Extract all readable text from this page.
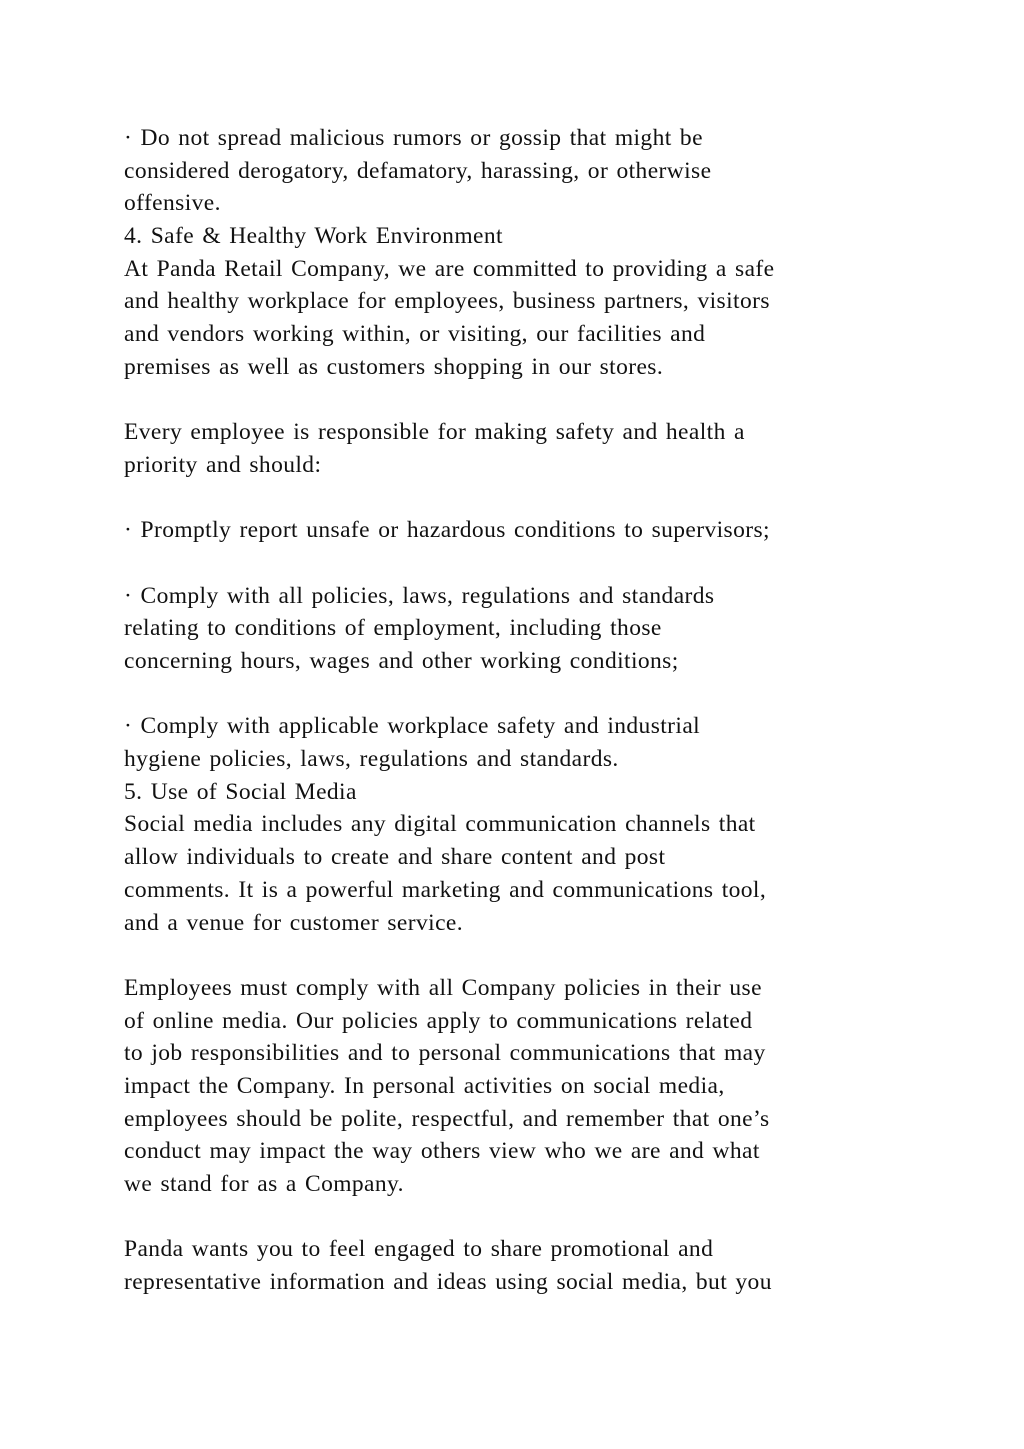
· Do not spread malicious rumors or gossip that might be
considered derogatory, defamatory, harassing, or otherwise
offensive.
4. Safe & Healthy Work Environment
At Panda Retail Company, we are committed to providing a safe
and healthy workplace for employees, business partners, visitors
and vendors working within, or visiting, our facilities and
premises as well as customers shopping in our stores.
Every employee is responsible for making safety and health a
priority and should:
· Promptly report unsafe or hazardous conditions to supervisors;
· Comply with all policies, laws, regulations and standards
relating to conditions of employment, including those
concerning hours, wages and other working conditions;
· Comply with applicable workplace safety and industrial
hygiene policies, laws, regulations and standards.
5. Use of Social Media
Social media includes any digital communication channels that
allow individuals to create and share content and post
comments. It is a powerful marketing and communications tool,
and a venue for customer service.
Employees must comply with all Company policies in their use
of online media. Our policies apply to communications related
to job responsibilities and to personal communications that may
impact the Company. In personal activities on social media,
employees should be polite, respectful, and remember that one’s
conduct may impact the way others view who we are and what
we stand for as a Company.
Panda wants you to feel engaged to share promotional and
representative information and ideas using social media, but you
